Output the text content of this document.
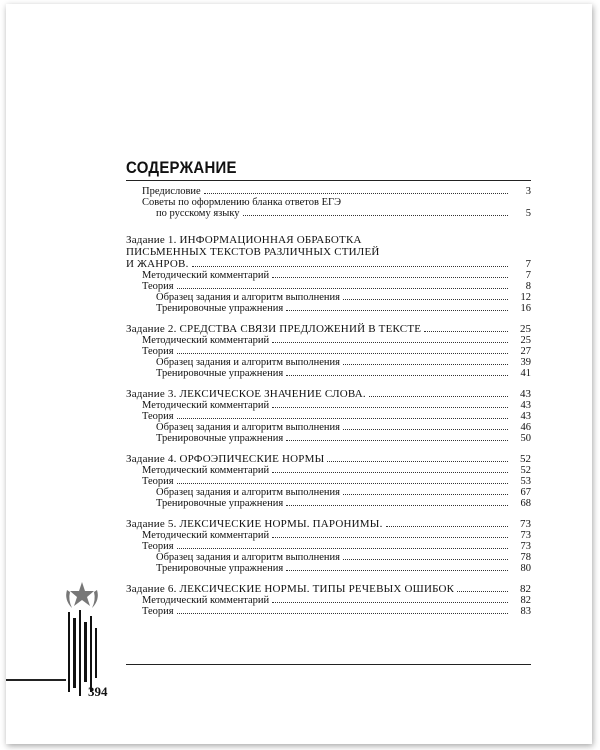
СОДЕРЖАНИЕ
Предисловие	3
Советы по оформлению бланка ответов ЕГЭ
по русскому языку	5
Задание 1. ИНФОРМАЦИОННАЯ ОБРАБОТКА
ПИСЬМЕННЫХ ТЕКСТОВ РАЗЛИЧНЫХ СТИЛЕЙ
И ЖАНРОВ.	7
Методический комментарий	7
Теория	8
Образец задания и алгоритм выполнения	12
Тренировочные упражнения	16
Задание 2. СРЕДСТВА СВЯЗИ ПРЕДЛОЖЕНИЙ В ТЕКСТЕ	25
Методический комментарий	25
Теория	27
Образец задания и алгоритм выполнения	39
Тренировочные упражнения	41
Задание 3. ЛЕКСИЧЕСКОЕ ЗНАЧЕНИЕ СЛОВА.	43
Методический комментарий	43
Теория	43
Образец задания и алгоритм выполнения	46
Тренировочные упражнения	50
Задание 4. ОРФОЭПИЧЕСКИЕ НОРМЫ	52
Методический комментарий	52
Теория	53
Образец задания и алгоритм выполнения	67
Тренировочные упражнения	68
Задание 5. ЛЕКСИЧЕСКИЕ НОРМЫ. ПАРОНИМЫ.	73
Методический комментарий	73
Теория	73
Образец задания и алгоритм выполнения	78
Тренировочные упражнения	80
Задание 6. ЛЕКСИЧЕСКИЕ НОРМЫ. ТИПЫ РЕЧЕВЫХ ОШИБОК	82
Методический комментарий	82
Теория	83
394
